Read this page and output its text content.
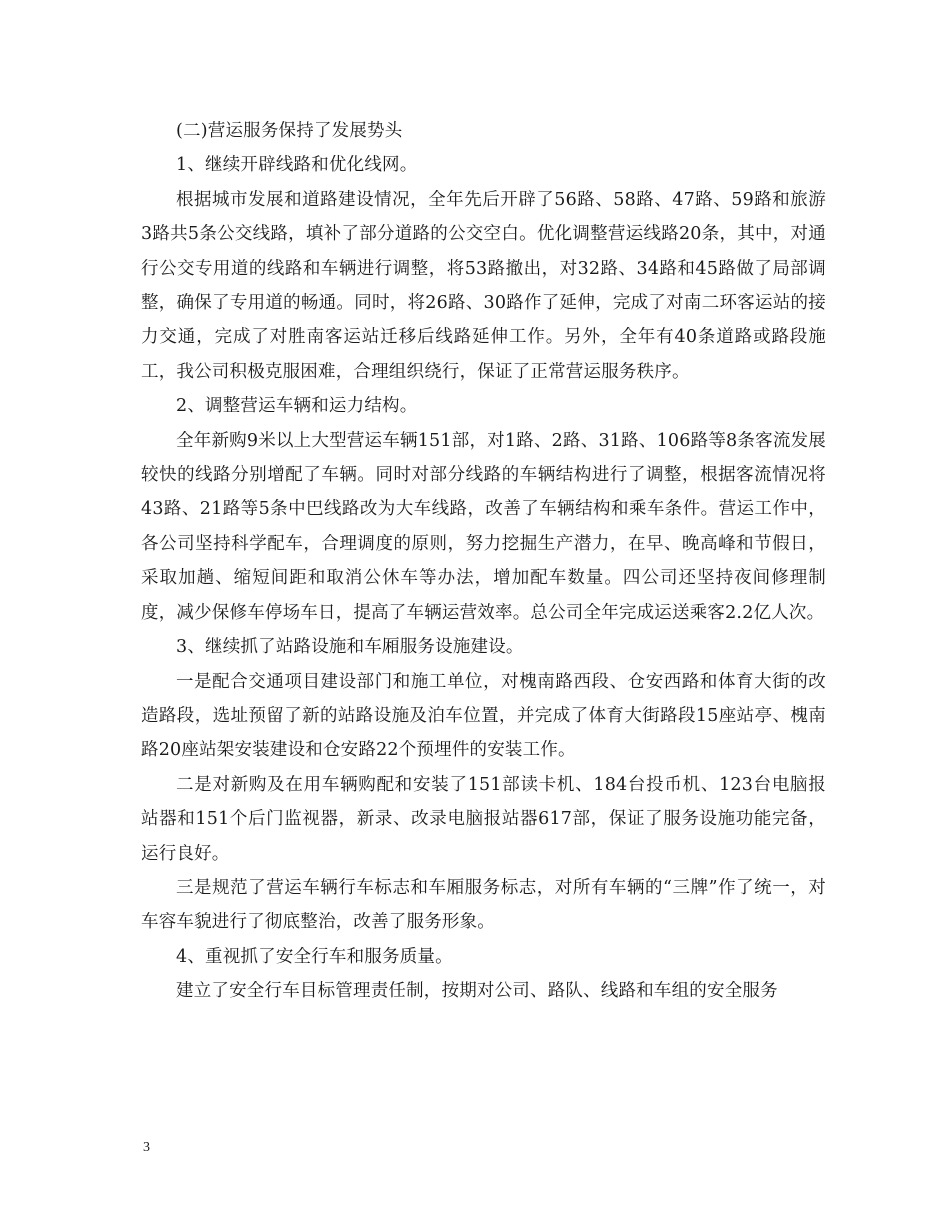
(二)营运服务保持了发展势头

1、继续开辟线路和优化线网。

根据城市发展和道路建设情况，全年先后开辟了56路、58路、47路、59路和旅游3路共5条公交线路，填补了部分道路的公交空白。优化调整营运线路20条，其中，对通行公交专用道的线路和车辆进行调整，将53路撤出，对32路、34路和45路做了局部调整，确保了专用道的畅通。同时，将26路、30路作了延伸，完成了对南二环客运站的接力交通，完成了对胜南客运站迁移后线路延伸工作。另外，全年有40条道路或路段施工，我公司积极克服困难，合理组织绕行，保证了正常营运服务秩序。

2、调整营运车辆和运力结构。

全年新购9米以上大型营运车辆151部，对1路、2路、31路、106路等8条客流发展较快的线路分别增配了车辆。同时对部分线路的车辆结构进行了调整，根据客流情况将43路、21路等5条中巴线路改为大车线路，改善了车辆结构和乘车条件。营运工作中，各公司坚持科学配车，合理调度的原则，努力挖掘生产潜力，在早、晚高峰和节假日，采取加趟、缩短间距和取消公休车等办法，增加配车数量。四公司还坚持夜间修理制度，减少保修车停场车日，提高了车辆运营效率。总公司全年完成运送乘客2.2亿人次。

3、继续抓了站路设施和车厢服务设施建设。

一是配合交通项目建设部门和施工单位，对槐南路西段、仓安西路和体育大街的改造路段，选址预留了新的站路设施及泊车位置，并完成了体育大街路段15座站亭、槐南路20座站架安装建设和仓安路22个预埋件的安装工作。

二是对新购及在用车辆购配和安装了151部读卡机、184台投币机、123台电脑报站器和151个后门监视器，新录、改录电脑报站器617部，保证了服务设施功能完备，运行良好。

三是规范了营运车辆行车标志和车厢服务标志，对所有车辆的“三牌”作了统一，对车容车貌进行了彻底整治，改善了服务形象。

4、重视抓了安全行车和服务质量。

建立了安全行车目标管理责任制，按期对公司、路队、线路和车组的安全服务

3
